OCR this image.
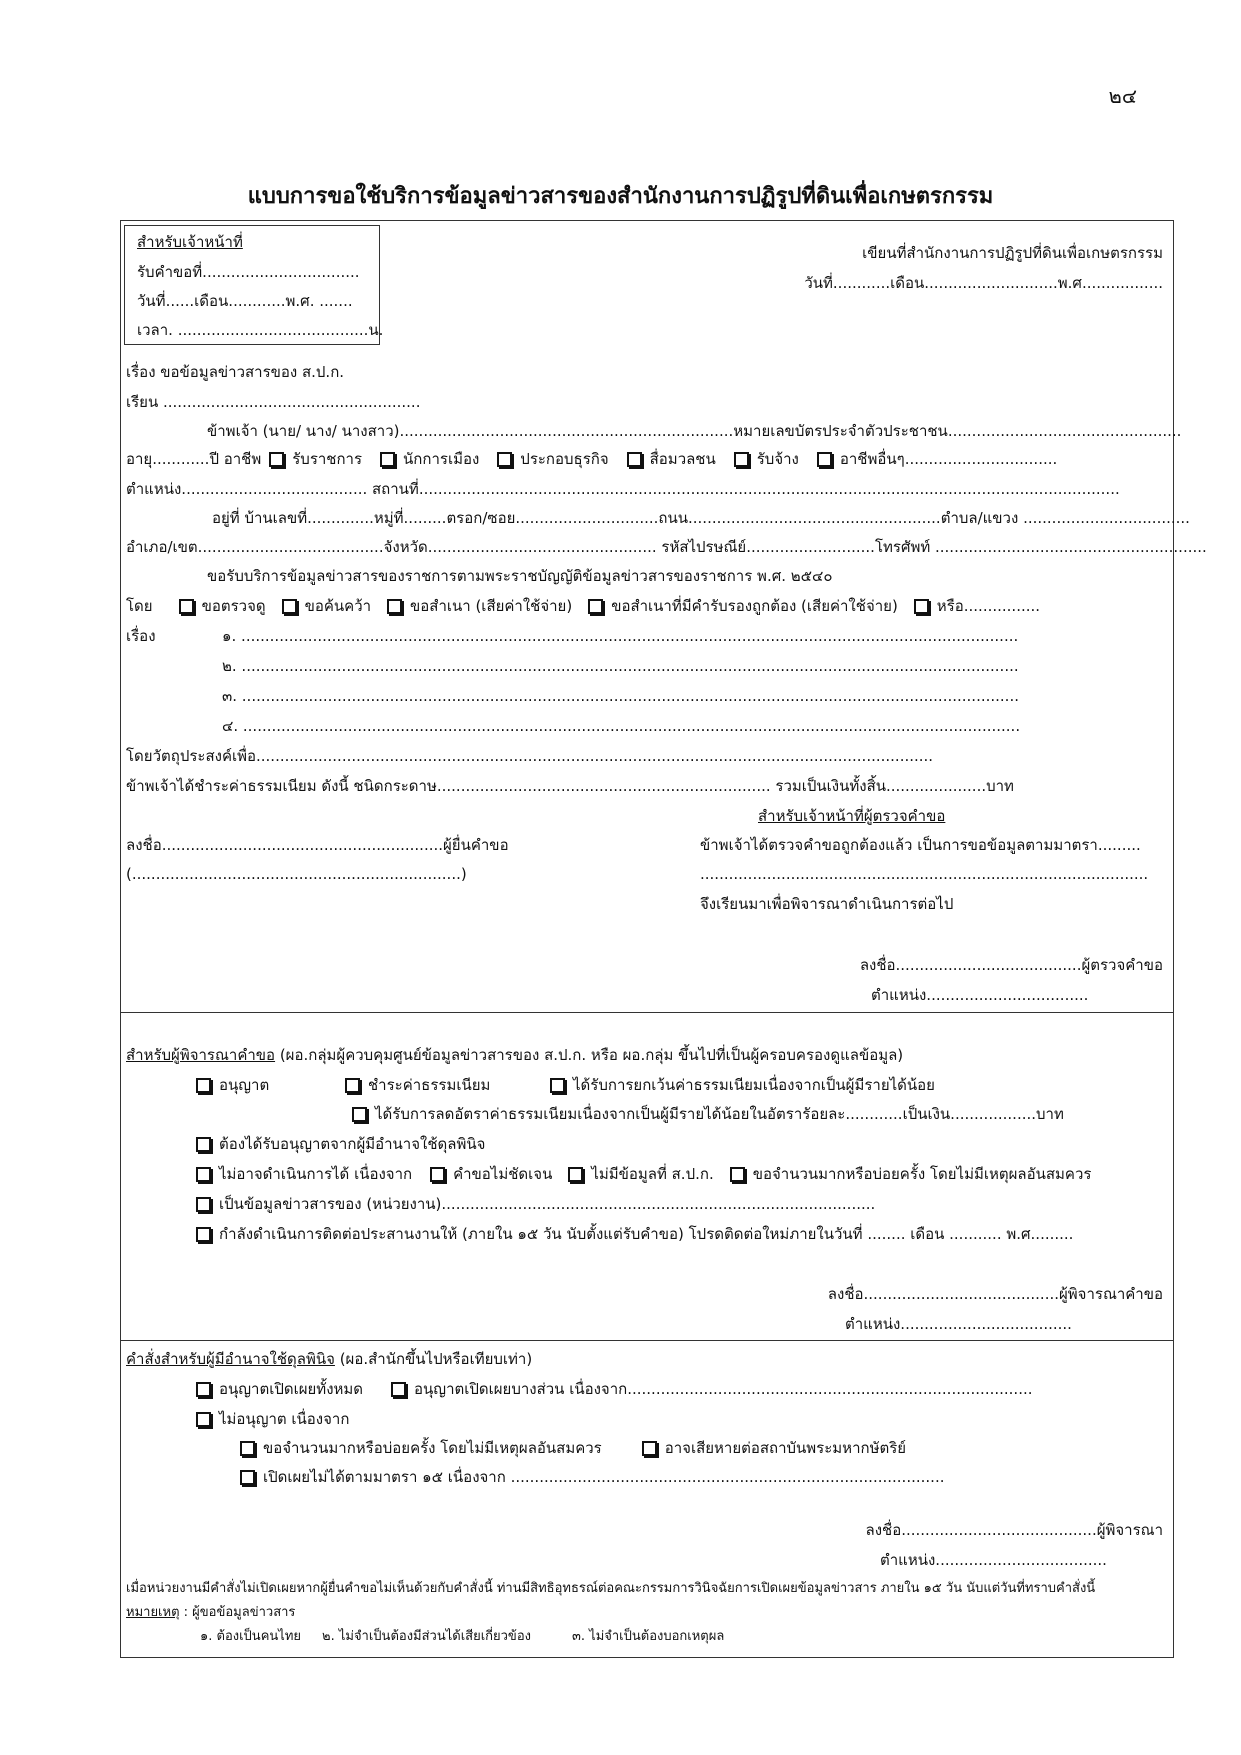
๒๔
แบบการขอใช้บริการข้อมูลข่าวสารของสำนักงานการปฏิรูปที่ดินเพื่อเกษตรกรรม
สำหรับเจ้าหน้าที่
รับคำขอที่.................................
วันที่......เดือน............พ.ศ. .......
เวลา. ........................................น.
เขียนที่สำนักงานการปฏิรูปที่ดินเพื่อเกษตรกรรม
วันที่............เดือน............................พ.ศ.................
เรื่อง ขอข้อมูลข่าวสารของ ส.ป.ก.
เรียน ......................................................
ข้าพเจ้า (นาย/ นาง/ นางสาว)......................................................................หมายเลขบัตรประจำตัวประชาชน.................................................
อายุ............ปี อาชีพ รับราชการ	นักการเมือง	ประกอบธุรกิจ	สื่อมวลชน	รับจ้าง	อาชีพอื่นๆ................................
ตำแหน่ง....................................... สถานที่...................................................................................................................................................
อยู่ที่ บ้านเลขที่..............หมู่ที่.........ตรอก/ซอย..............................ถนน.....................................................ตำบล/แขวง ...................................
อำเภอ/เขต.......................................จังหวัด................................................ รหัสไปรษณีย์...........................โทรศัพท์ .........................................................
ขอรับบริการข้อมูลข่าวสารของราชการตามพระราชบัญญัติข้อมูลข่าวสารของราชการ พ.ศ. ๒๕๔๐
โดย	ขอตรวจดู	ขอค้นคว้า	ขอสำเนา (เสียค่าใช้จ่าย)	ขอสำเนาที่มีคำรับรองถูกต้อง (เสียค่าใช้จ่าย)	หรือ................
เรื่อง	๑. ...................................................................................................................................................................
๒. ...................................................................................................................................................................
๓. ...................................................................................................................................................................
๔. ...................................................................................................................................................................
โดยวัตถุประสงค์เพื่อ..............................................................................................................................................
ข้าพเจ้าได้ชำระค่าธรรมเนียม ดังนี้ ชนิดกระดาษ...................................................................... รวมเป็นเงินทั้งสิ้น.....................บาท
สำหรับเจ้าหน้าที่ผู้ตรวจคำขอ
ลงชื่อ...........................................................ผู้ยื่นคำขอ
(.....................................................................)
ข้าพเจ้าได้ตรวจคำขอถูกต้องแล้ว เป็นการขอข้อมูลตามมาตรา.........
..............................................................................................
จึงเรียนมาเพื่อพิจารณาดำเนินการต่อไป
ลงชื่อ.......................................ผู้ตรวจคำขอ
ตำแหน่ง..................................
สำหรับผู้พิจารณาคำขอ (ผอ.กลุ่มผู้ควบคุมศูนย์ข้อมูลข่าวสารของ ส.ป.ก. หรือ ผอ.กลุ่ม ขึ้นไปที่เป็นผู้ครอบครองดูแลข้อมูล)
อนุญาต	ชำระค่าธรรมเนียม	ได้รับการยกเว้นค่าธรรมเนียมเนื่องจากเป็นผู้มีรายได้น้อย
ได้รับการลดอัตราค่าธรรมเนียมเนื่องจากเป็นผู้มีรายได้น้อยในอัตรารัอยละ............เป็นเงิน..................บาท
ต้องได้รับอนุญาตจากผู้มีอำนาจใช้ดุลพินิจ
ไม่อาจดำเนินการได้ เนื่องจาก	คำขอไม่ชัดเจน	ไม่มีข้อมูลที่ ส.ป.ก.	ขอจำนวนมากหรือบ่อยครั้ง โดยไม่มีเหตุผลอันสมควร
เป็นข้อมูลข่าวสารของ (หน่วยงาน)...........................................................................................
กำลังดำเนินการติดต่อประสานงานให้ (ภายใน ๑๕ วัน นับตั้งแต่รับคำขอ) โปรดติดต่อใหม่ภายในวันที่ ........ เดือน ........... พ.ศ.........
ลงชื่อ.........................................ผู้พิจารณาคำขอ
ตำแหน่ง....................................
คำสั่งสำหรับผู้มีอำนาจใช้ดุลพินิจ (ผอ.สำนักขึ้นไปหรือเทียบเท่า)
อนุญาตเปิดเผยทั้งหมด	อนุญาตเปิดเผยบางส่วน เนื่องจาก.....................................................................................
ไม่อนุญาต เนื่องจาก
ขอจำนวนมากหรือบ่อยครั้ง โดยไม่มีเหตุผลอันสมควร	อาจเสียหายต่อสถาบันพระมหากษัตริย์
เปิดเผยไม่ได้ตามมาตรา ๑๕ เนื่องจาก ...........................................................................................
ลงชื่อ.........................................ผู้พิจารณา
ตำแหน่ง....................................
เมื่อหน่วยงานมีคำสั่งไม่เปิดเผยหากผู้ยื่นคำขอไม่เห็นด้วยกับคำสั่งนี้ ท่านมีสิทธิอุทธรณ์ต่อคณะกรรมการวินิจฉัยการเปิดเผยข้อมูลข่าวสาร ภายใน ๑๕ วัน นับแต่วันที่ทราบคำสั่งนี้
หมายเหตุ : ผู้ขอข้อมูลข่าวสาร
๑. ต้องเป็นคนไทย ๒. ไม่จำเป็นต้องมีส่วนได้เสียเกี่ยวข้อง	๓. ไม่จำเป็นต้องบอกเหตุผล
